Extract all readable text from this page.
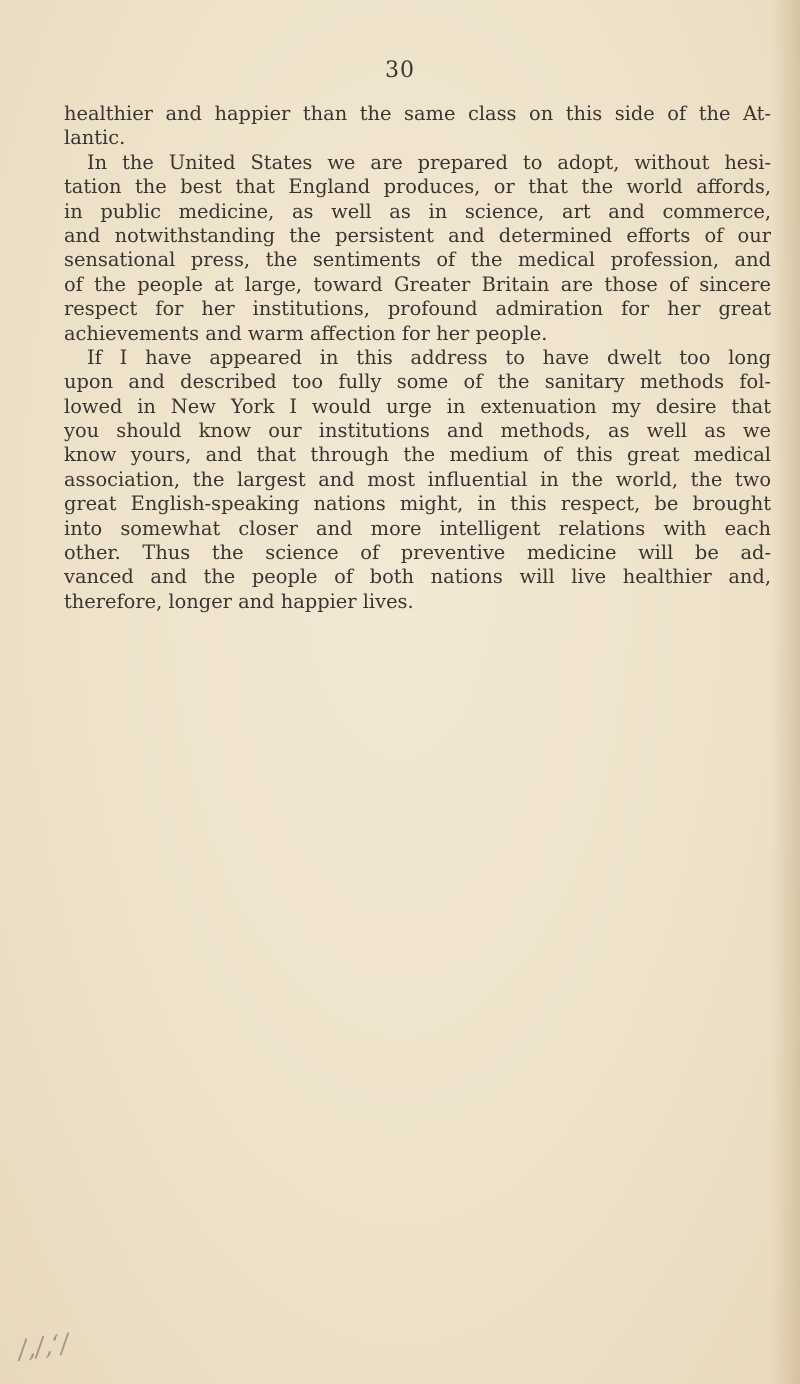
30
healthier and happier than the same class on this side of the At-
lantic.
In the United States we are prepared to adopt, without hesi-
tation the best that England produces, or that the world affords,
in public medicine, as well as in science, art and commerce,
and notwithstanding the persistent and determined efforts of our
sensational press, the sentiments of the medical profession, and
of the people at large, toward Greater Britain are those of sincere
respect for her institutions, profound admiration for her great
achievements and warm affection for her people.
If I have appeared in this address to have dwelt too long
upon and described too fully some of the sanitary methods fol-
lowed in New York I would urge in extenuation my desire that
you should know our institutions and methods, as well as we
know yours, and that through the medium of this great medical
association, the largest and most influential in the world, the two
great English-speaking nations might, in this respect, be brought
into somewhat closer and more intelligent relations with each
other. Thus the science of preventive medicine will be ad-
vanced and the people of both nations will live healthier and,
therefore, longer and happier lives.
/‚/‚‘/
